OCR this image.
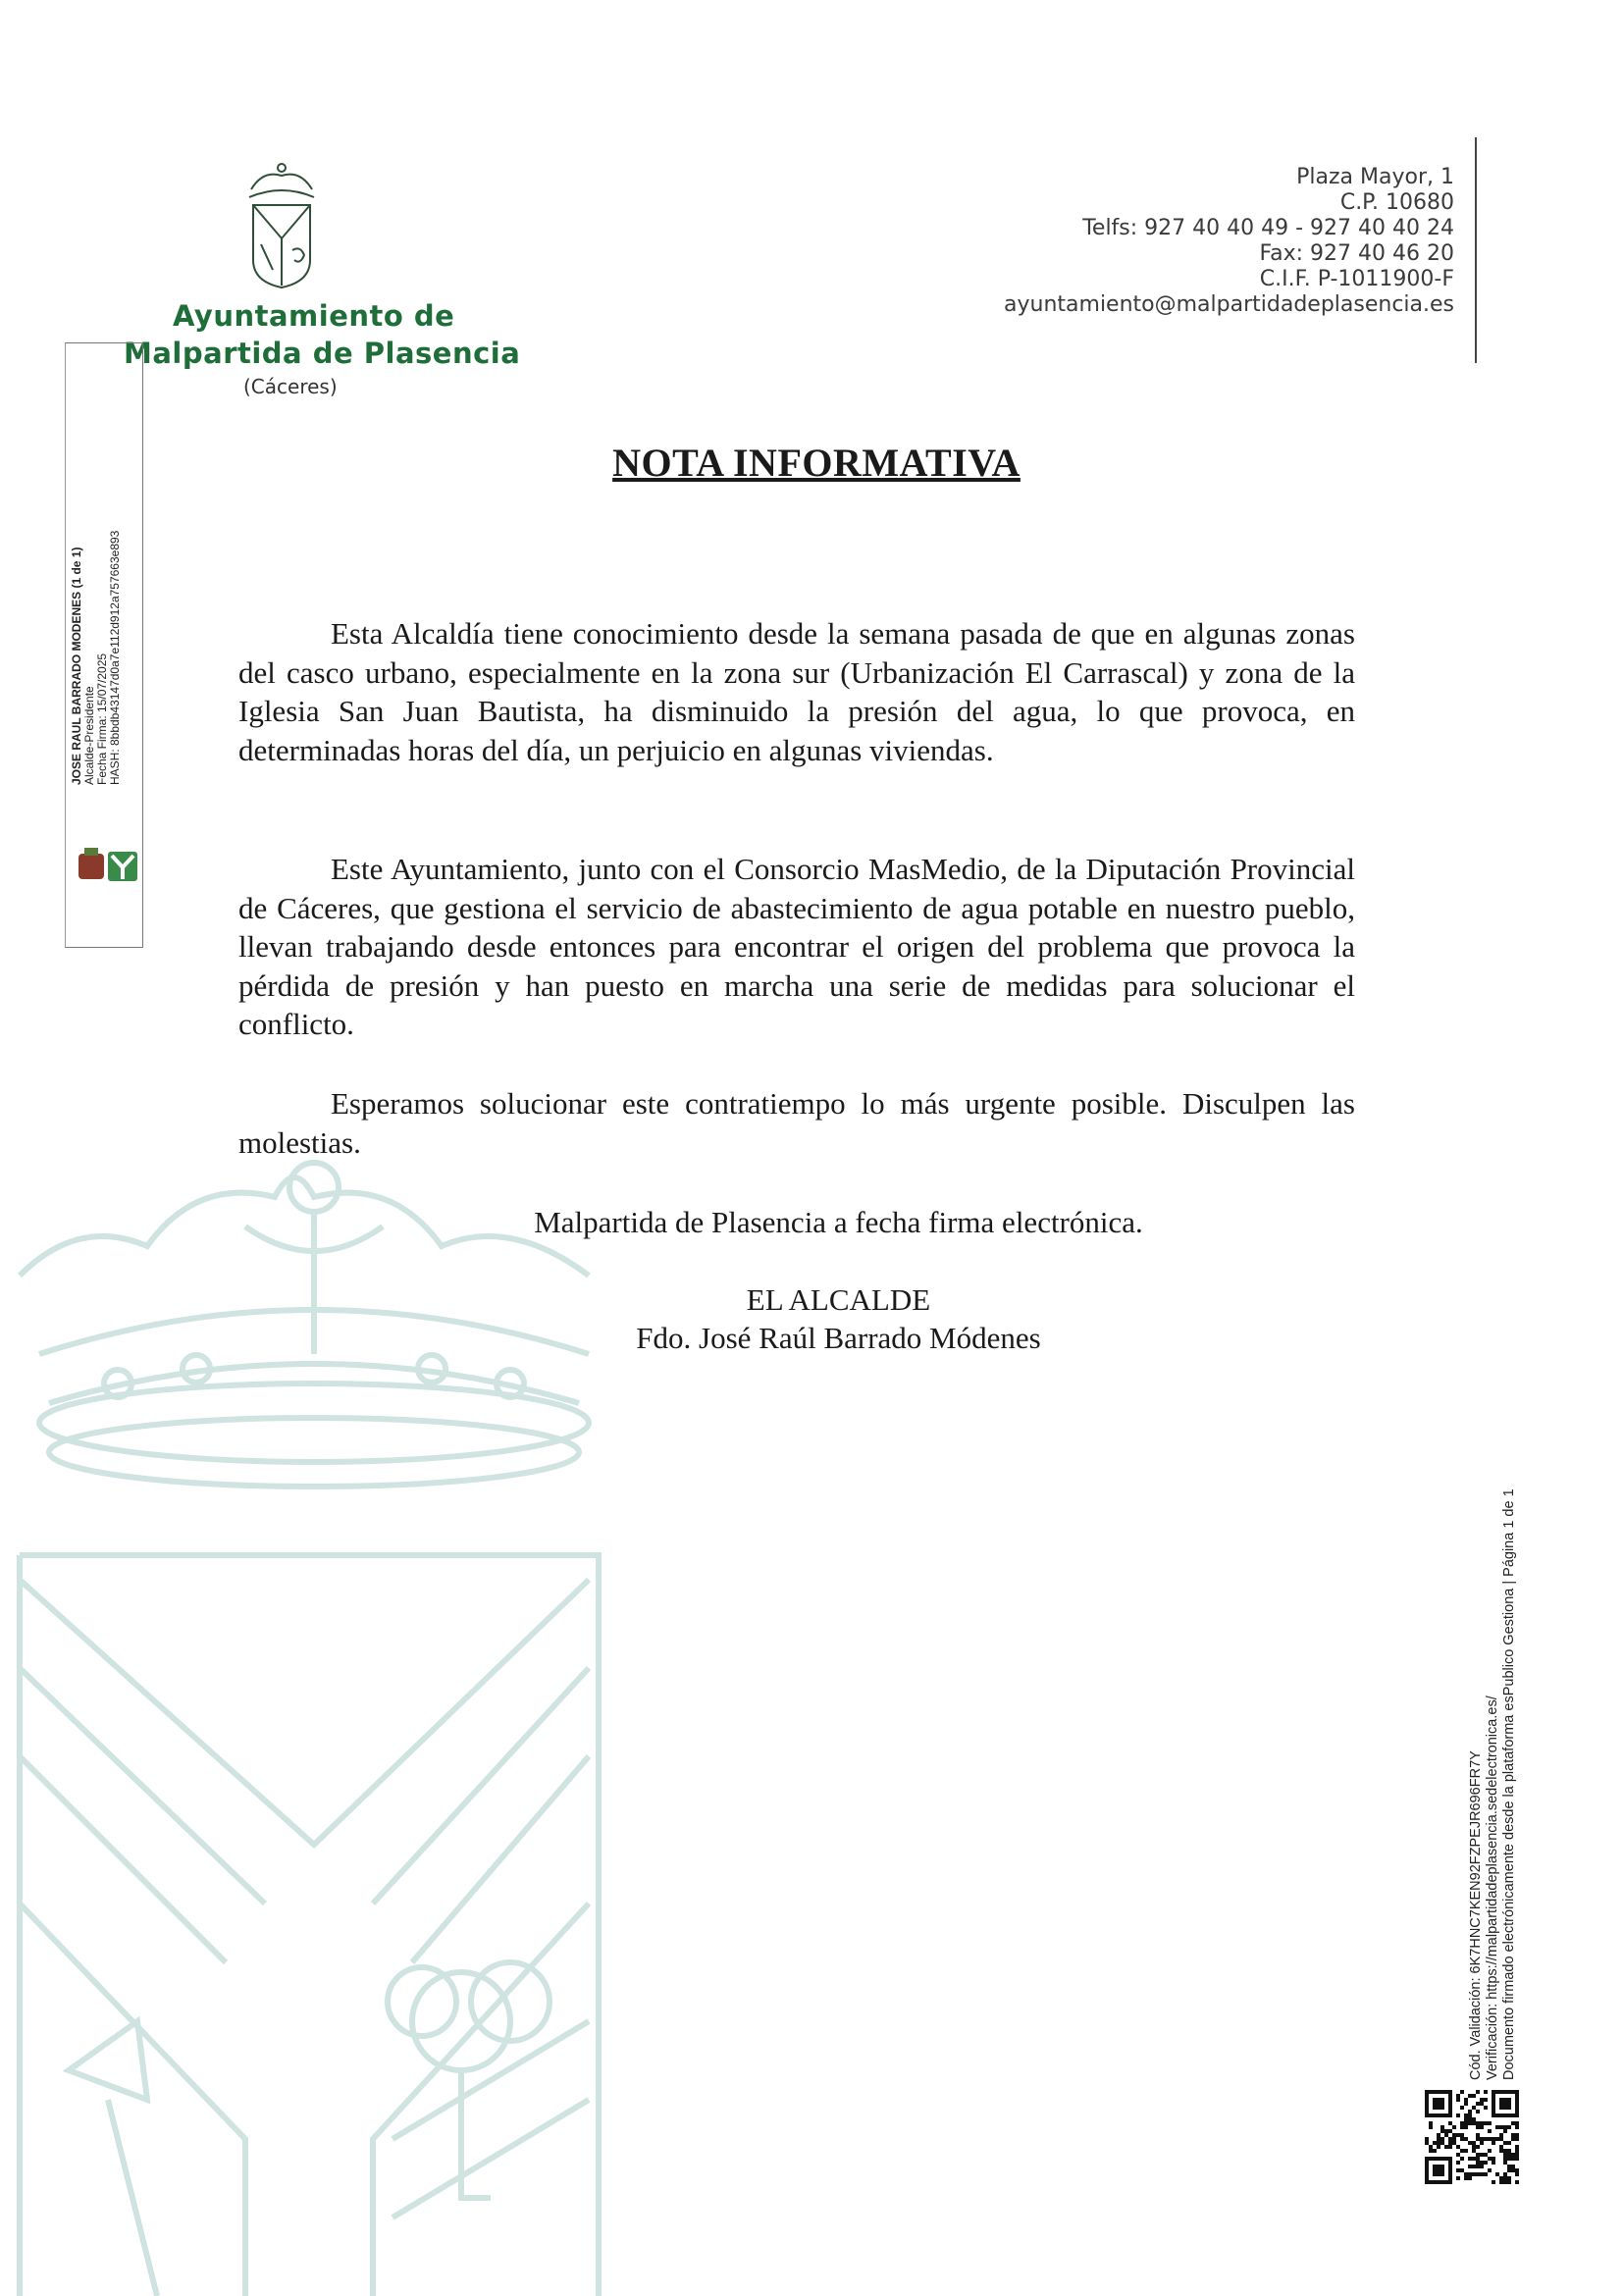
Ayuntamiento de
Malpartida de Plasencia
(Cáceres)
Plaza Mayor, 1
C.P. 10680
Telfs: 927 40 40 49 - 927 40 40 24
Fax: 927 40 46 20
C.I.F. P-1011900-F
ayuntamiento@malpartidadeplasencia.es
JOSE RAUL BARRADO MODENES (1 de 1) Alcalde-Presidente Fecha Firma: 15/07/2025 HASH: 8bbdb43147d0a7e112d912a757663e893
NOTA INFORMATIVA
Esta Alcaldía tiene conocimiento desde la semana pasada de que en algunas zonas del casco urbano, especialmente en la zona sur (Urbanización El Carrascal) y zona de la Iglesia San Juan Bautista, ha disminuido la presión del agua, lo que provoca, en determinadas horas del día, un perjuicio en algunas viviendas.
Este Ayuntamiento, junto con el Consorcio MasMedio, de la Diputación Provincial de Cáceres, que gestiona el servicio de abastecimiento de agua potable en nuestro pueblo, llevan trabajando desde entonces para encontrar el origen del problema que provoca la pérdida de presión y han puesto en marcha una serie de medidas para solucionar el conflicto.
Esperamos solucionar este contratiempo lo más urgente posible. Disculpen las molestias.
Malpartida de Plasencia a fecha firma electrónica.
EL ALCALDE
Fdo. José Raúl Barrado Módenes
Cód. Validación: 6K7HNC7KEN92FZPEJR696FR7Y Verificación: https://malpartidadeplasencia.sedelectronica.es/ Documento firmado electrónicamente desde la plataforma esPublico Gestiona | Página 1 de 1
